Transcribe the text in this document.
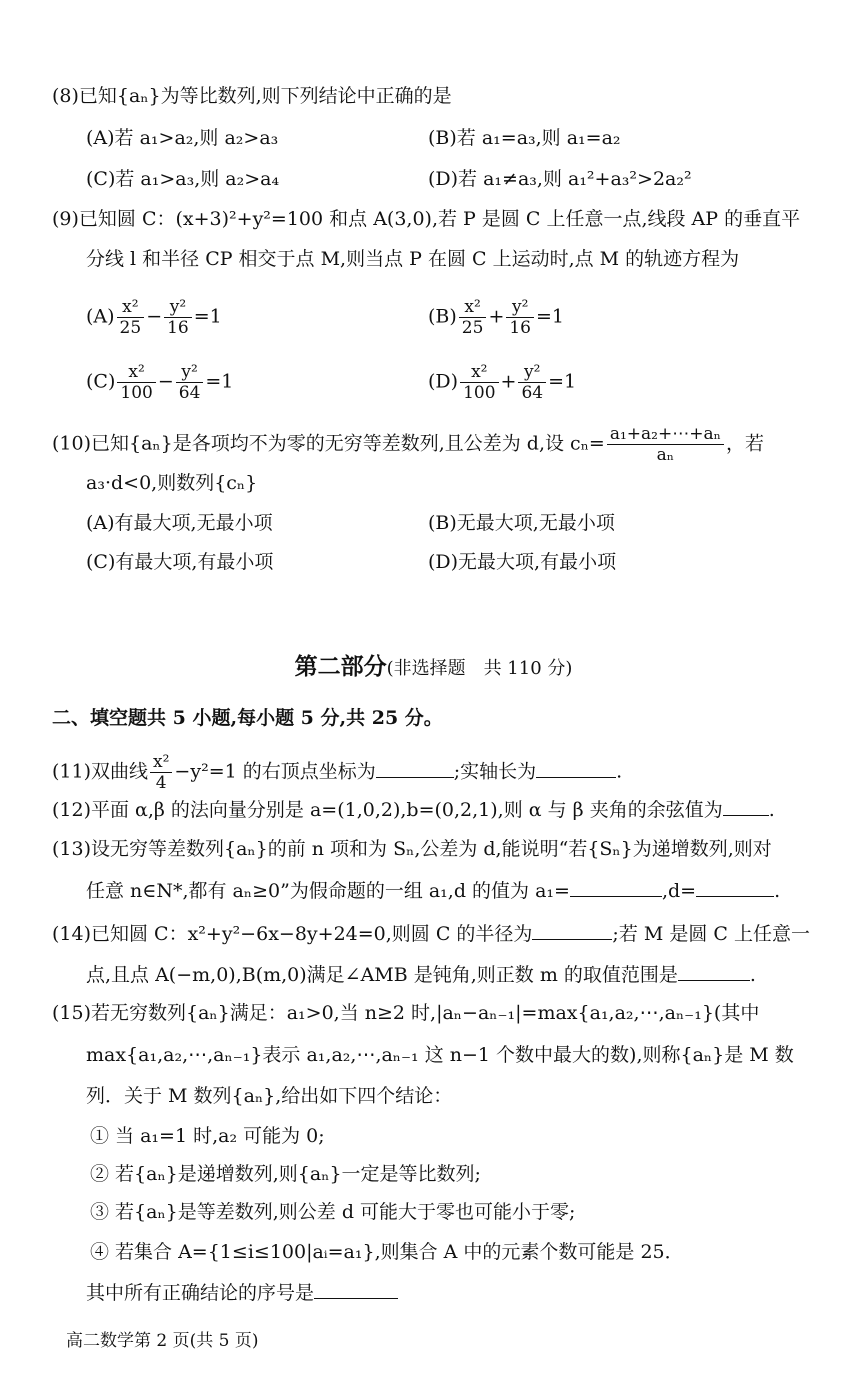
(8)已知{aₙ}为等比数列,则下列结论中正确的是
(A)若 a₁>a₂,则 a₂>a₃	(B)若 a₁=a₃,则 a₁=a₂
(C)若 a₁>a₃,则 a₂>a₄	(D)若 a₁≠a₃,则 a₁²+a₃²>2a₂²
(9)已知圆 C：(x+3)²+y²=100 和点 A(3,0),若 P 是圆 C 上任意一点,线段 AP 的垂直平
分线 l 和半径 CP 相交于点 M,则当点 P 在圆 C 上运动时,点 M 的轨迹方程为
$(A) \frac{\text{x²}}{25} - \frac{\text{y²}}{16} =1$	$(B) \frac{\text{x²}}{25} + \frac{\text{y²}}{16} =1$
$(C) \frac{\text{x²}}{100} - \frac{\text{y²}}{64} =1$	$(D) \frac{\text{x²}}{100} + \frac{\text{y²}}{64} =1$
(10)已知{aₙ}是各项均不为零的无穷等差数列,且公差为 d,设 $c_n= \frac{\text{a₁+a₂+⋯+aₙ}}{\text{aₙ}}$ ，若
a₃·d<0,则数列{cₙ}
(A)有最大项,无最小项	(B)无最大项,无最小项
(C)有最大项,有最小项	(D)无最大项,有最小项
第二部分(非选择题　共 110 分)
二、填空题共 5 小题,每小题 5 分,共 25 分。
(11)双曲线 $\frac{\text{x²}}{4} -y^2=1$ 的右顶点坐标为	;实轴长为	.
(12)平面 α,β 的法向量分别是 a=(1,0,2),b=(0,2,1),则 α 与 β 夹角的余弦值为 .
(13)设无穷等差数列{aₙ}的前 n 项和为 Sₙ,公差为 d,能说明“若{Sₙ}为递增数列,则对
任意 n∈N*,都有 aₙ≥0”为假命题的一组 a₁,d 的值为 a₁=	,d=	.
(14)已知圆 C：x²+y²−6x−8y+24=0,则圆 C 的半径为	;若 M 是圆 C 上任意一
点,且点 A(−m,0),B(m,0)满足∠AMB 是钝角,则正数 m 的取值范围是	.
(15)若无穷数列{aₙ}满足：a₁>0,当 n≥2 时,|aₙ−aₙ₋₁|=max{a₁,a₂,⋯,aₙ₋₁}(其中
max{a₁,a₂,⋯,aₙ₋₁}表示 a₁,a₂,⋯,aₙ₋₁ 这 n−1 个数中最大的数),则称{aₙ}是 M 数
列．关于 M 数列{aₙ},给出如下四个结论：
① 当 a₁=1 时,a₂ 可能为 0;
② 若{aₙ}是递增数列,则{aₙ}一定是等比数列;
③ 若{aₙ}是等差数列,则公差 d 可能大于零也可能小于零;
④ 若集合 A={1≤i≤100|aᵢ=a₁},则集合 A 中的元素个数可能是 25．
其中所有正确结论的序号是
高二数学第 2 页(共 5 页)
